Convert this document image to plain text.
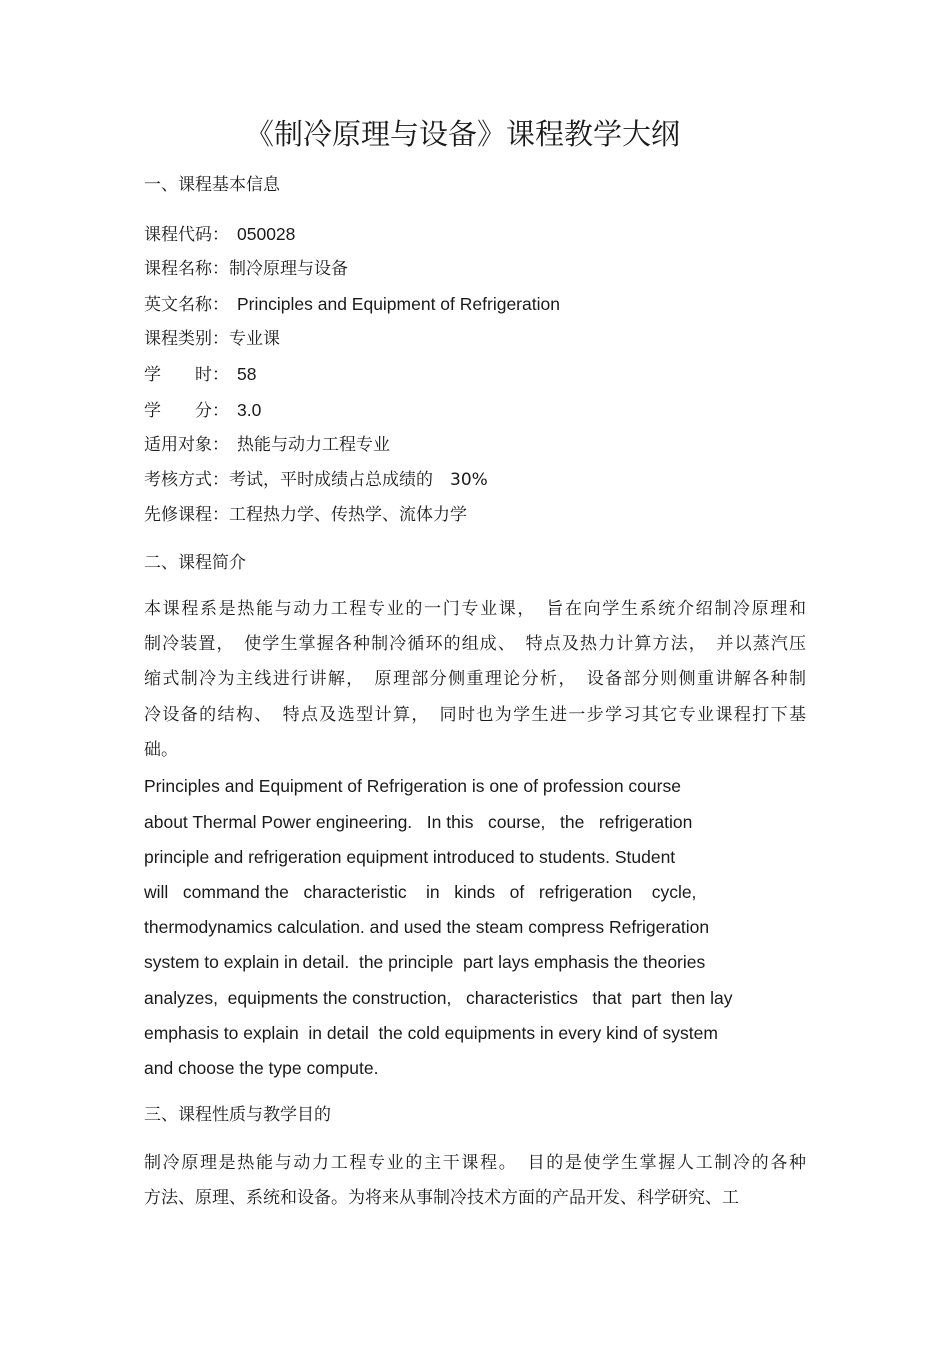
《制冷原理与设备》课程教学大纲
一、课程基本信息
课程代码： 050028
课程名称：制冷原理与设备
英文名称： Principles and Equipment of Refrigeration
课程类别：专业课
学　　时： 58
学　　分： 3.0
适用对象： 热能与动力工程专业
考核方式：考试，平时成绩占总成绩的　30%
先修课程：工程热力学、传热学、流体力学
二、课程简介
本课程系是热能与动力工程专业的一门专业课，　旨在向学生系统介绍制冷原理和
制冷装置，　使学生掌握各种制冷循环的组成、　特点及热力计算方法，　并以蒸汽压
缩式制冷为主线进行讲解，　原理部分侧重理论分析，　设备部分则侧重讲解各种制
冷设备的结构、　特点及选型计算，　同时也为学生进一步学习其它专业课程打下基
础。
Principles and Equipment of Refrigeration is one of profession course
about Thermal Power engineering.   In this   course,   the   refrigeration
principle and refrigeration equipment introduced to students. Student
will   command the   characteristic    in   kinds   of   refrigeration    cycle,
thermodynamics calculation. and used the steam compress Refrigeration
system to explain in detail.  the principle  part lays emphasis the theories
analyzes,  equipments the construction,   characteristics   that  part  then lay
emphasis to explain  in detail  the cold equipments in every kind of system
and choose the type compute.
三、课程性质与教学目的
制冷原理是热能与动力工程专业的主干课程。　目的是使学生掌握人工制冷的各种
方法、原理、系统和设备。为将来从事制冷技术方面的产品开发、科学研究、工
